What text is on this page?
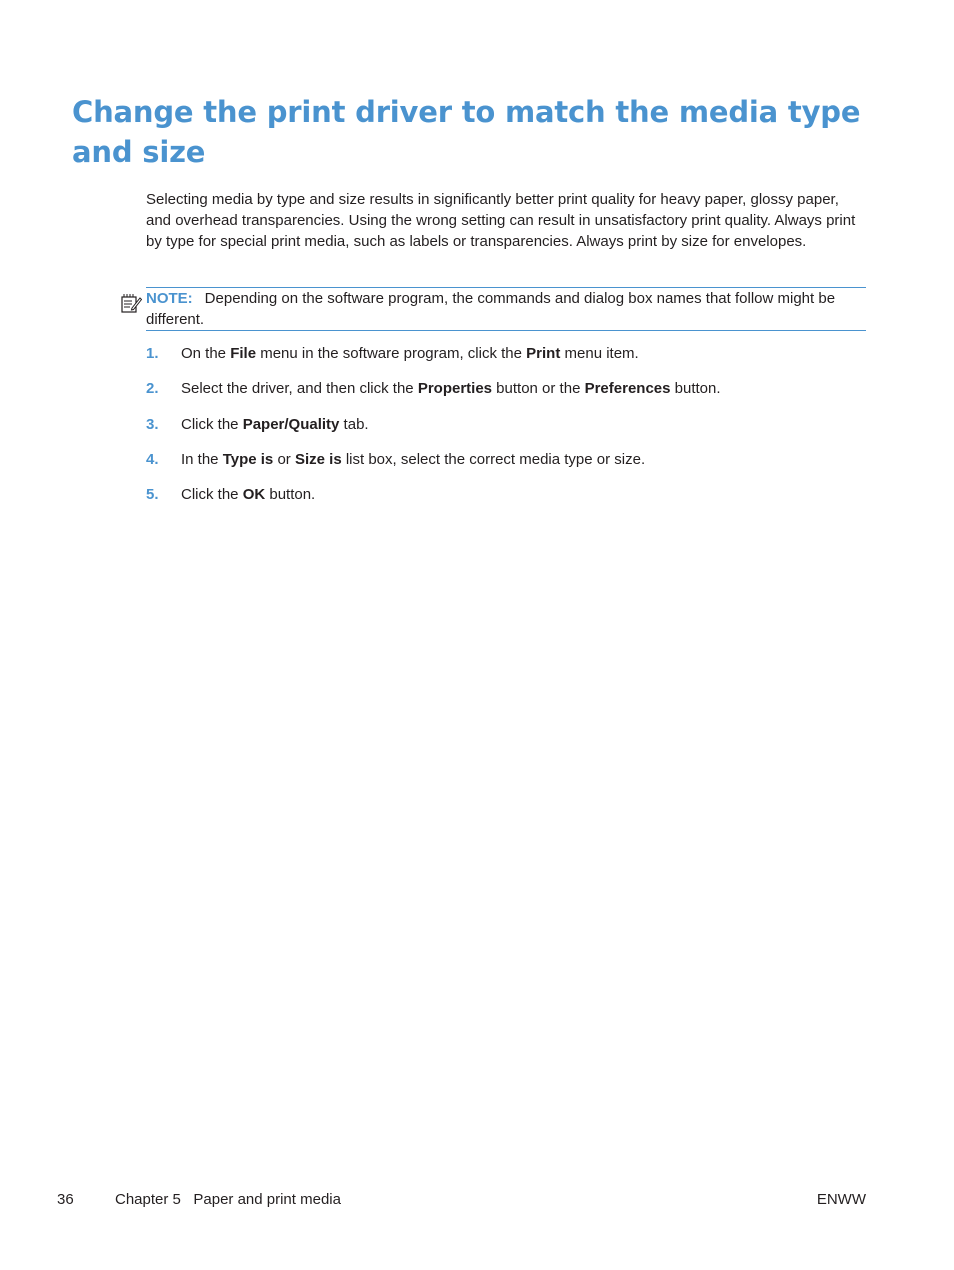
Change the print driver to match the media type and size

Selecting media by type and size results in significantly better print quality for heavy paper, glossy paper, and overhead transparencies. Using the wrong setting can result in unsatisfactory print quality. Always print by type for special print media, such as labels or transparencies. Always print by size for envelopes.

NOTE: Depending on the software program, the commands and dialog box names that follow might be different.

1. On the File menu in the software program, click the Print menu item.
2. Select the driver, and then click the Properties button or the Preferences button.
3. Click the Paper/Quality tab.
4. In the Type is or Size is list box, select the correct media type or size.
5. Click the OK button.
36	Chapter 5   Paper and print media	ENWW
